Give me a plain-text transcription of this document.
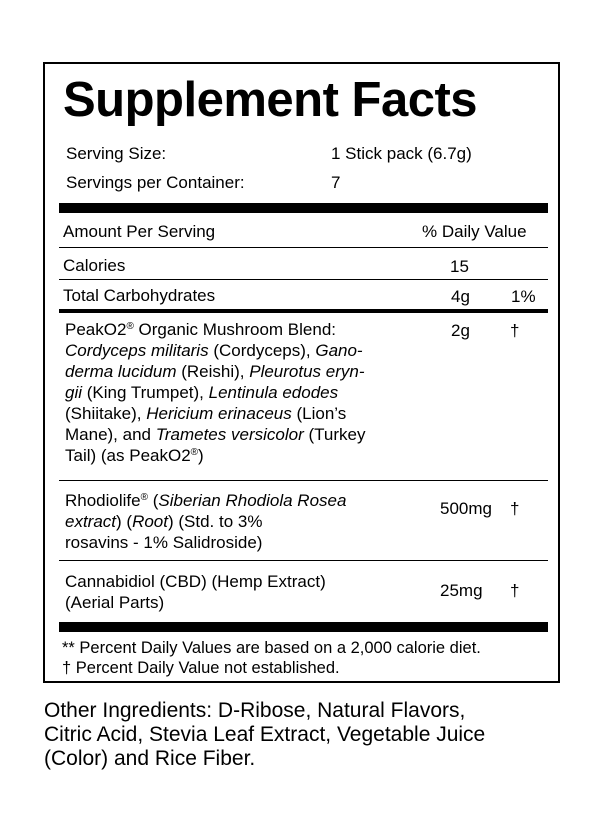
Supplement Facts
Serving Size:	1 Stick pack (6.7g)
Servings per Container:	7
Amount Per Serving	% Daily Value
Calories	15
Total Carbohydrates	4g 1%
PeakO2® Organic Mushroom Blend:
Cordyceps militaris (Cordyceps), Gano-
derma lucidum (Reishi), Pleurotus eryn-
gii (King Trumpet), Lentinula edodes
(Shiitake), Hericium erinaceus (Lion’s
Mane), and Trametes versicolor (Turkey
Tail) (as PeakO2®)
2g †
Rhodiolife® (Siberian Rhodiola Rosea
extract) (Root) (Std. to 3%
rosavins - 1% Salidroside)
500mg †
Cannabidiol (CBD) (Hemp Extract)
(Aerial Parts)
25mg †
** Percent Daily Values are based on a 2,000 calorie diet.
† Percent Daily Value not established.
Other Ingredients: D-Ribose, Natural Flavors,
Citric Acid, Stevia Leaf Extract, Vegetable Juice
(Color) and Rice Fiber.
